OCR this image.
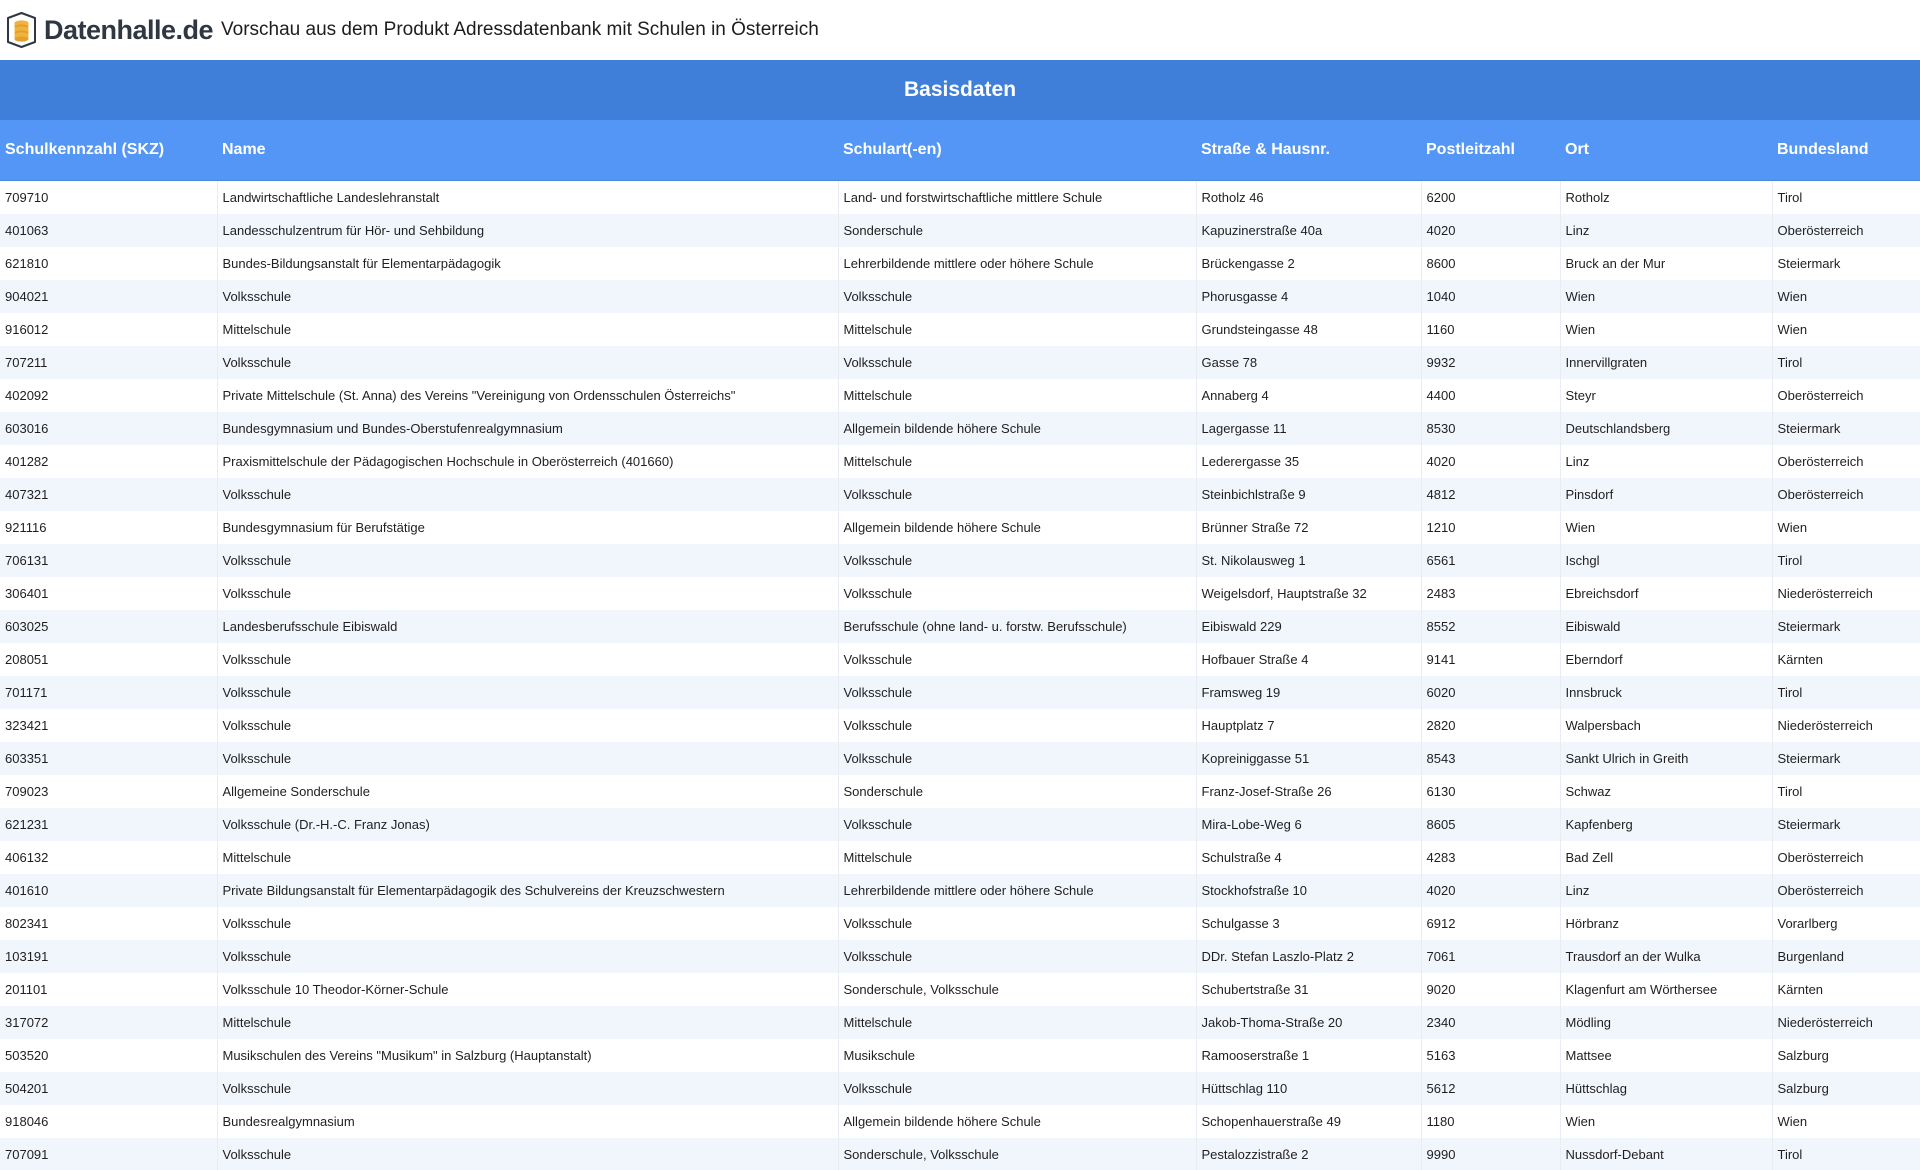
Datenhalle.de Vorschau aus dem Produkt Adressdatenbank mit Schulen in Österreich
Basisdaten						
Schulkennzahl (SKZ)	Name	Schulart(-en)	Straße & Hausnr.	Postleitzahl	Ort	Bundesland
709710	Landwirtschaftliche Landeslehranstalt	Land- und forstwirtschaftliche mittlere Schule	Rotholz 46	6200	Rotholz	Tirol
401063	Landesschulzentrum für Hör- und Sehbildung	Sonderschule	Kapuzinerstraße 40a	4020	Linz	Oberösterreich
621810	Bundes-Bildungsanstalt für Elementarpädagogik	Lehrerbildende mittlere oder höhere Schule	Brückengasse 2	8600	Bruck an der Mur	Steiermark
904021	Volksschule	Volksschule	Phorusgasse 4	1040	Wien	Wien
916012	Mittelschule	Mittelschule	Grundsteingasse 48	1160	Wien	Wien
707211	Volksschule	Volksschule	Gasse 78	9932	Innervillgraten	Tirol
402092	Private Mittelschule (St. Anna) des Vereins "Vereinigung von Ordensschulen Österreichs"	Mittelschule	Annaberg 4	4400	Steyr	Oberösterreich
603016	Bundesgymnasium und Bundes-Oberstufenrealgymnasium	Allgemein bildende höhere Schule	Lagergasse 11	8530	Deutschlandsberg	Steiermark
401282	Praxismittelschule der Pädagogischen Hochschule in Oberösterreich (401660)	Mittelschule	Lederergasse 35	4020	Linz	Oberösterreich
407321	Volksschule	Volksschule	Steinbichlstraße 9	4812	Pinsdorf	Oberösterreich
921116	Bundesgymnasium für Berufstätige	Allgemein bildende höhere Schule	Brünner Straße 72	1210	Wien	Wien
706131	Volksschule	Volksschule	St. Nikolausweg 1	6561	Ischgl	Tirol
306401	Volksschule	Volksschule	Weigelsdorf, Hauptstraße 32	2483	Ebreichsdorf	Niederösterreich
603025	Landesberufsschule Eibiswald	Berufsschule (ohne land- u. forstw. Berufsschule)	Eibiswald 229	8552	Eibiswald	Steiermark
208051	Volksschule	Volksschule	Hofbauer Straße 4	9141	Eberndorf	Kärnten
701171	Volksschule	Volksschule	Framsweg 19	6020	Innsbruck	Tirol
323421	Volksschule	Volksschule	Hauptplatz 7	2820	Walpersbach	Niederösterreich
603351	Volksschule	Volksschule	Kopreiniggasse 51	8543	Sankt Ulrich in Greith	Steiermark
709023	Allgemeine Sonderschule	Sonderschule	Franz-Josef-Straße 26	6130	Schwaz	Tirol
621231	Volksschule (Dr.-H.-C. Franz Jonas)	Volksschule	Mira-Lobe-Weg 6	8605	Kapfenberg	Steiermark
406132	Mittelschule	Mittelschule	Schulstraße 4	4283	Bad Zell	Oberösterreich
401610	Private Bildungsanstalt für Elementarpädagogik des Schulvereins der Kreuzschwestern	Lehrerbildende mittlere oder höhere Schule	Stockhofstraße 10	4020	Linz	Oberösterreich
802341	Volksschule	Volksschule	Schulgasse 3	6912	Hörbranz	Vorarlberg
103191	Volksschule	Volksschule	DDr. Stefan Laszlo-Platz 2	7061	Trausdorf an der Wulka	Burgenland
201101	Volksschule 10 Theodor-Körner-Schule	Sonderschule, Volksschule	Schubertstraße 31	9020	Klagenfurt am Wörthersee	Kärnten
317072	Mittelschule	Mittelschule	Jakob-Thoma-Straße 20	2340	Mödling	Niederösterreich
503520	Musikschulen des Vereins "Musikum" in Salzburg (Hauptanstalt)	Musikschule	Ramooserstraße 1	5163	Mattsee	Salzburg
504201	Volksschule	Volksschule	Hüttschlag 110	5612	Hüttschlag	Salzburg
918046	Bundesrealgymnasium	Allgemein bildende höhere Schule	Schopenhauerstraße 49	1180	Wien	Wien
707091	Volksschule	Sonderschule, Volksschule	Pestalozzistraße 2	9990	Nussdorf-Debant	Tirol
